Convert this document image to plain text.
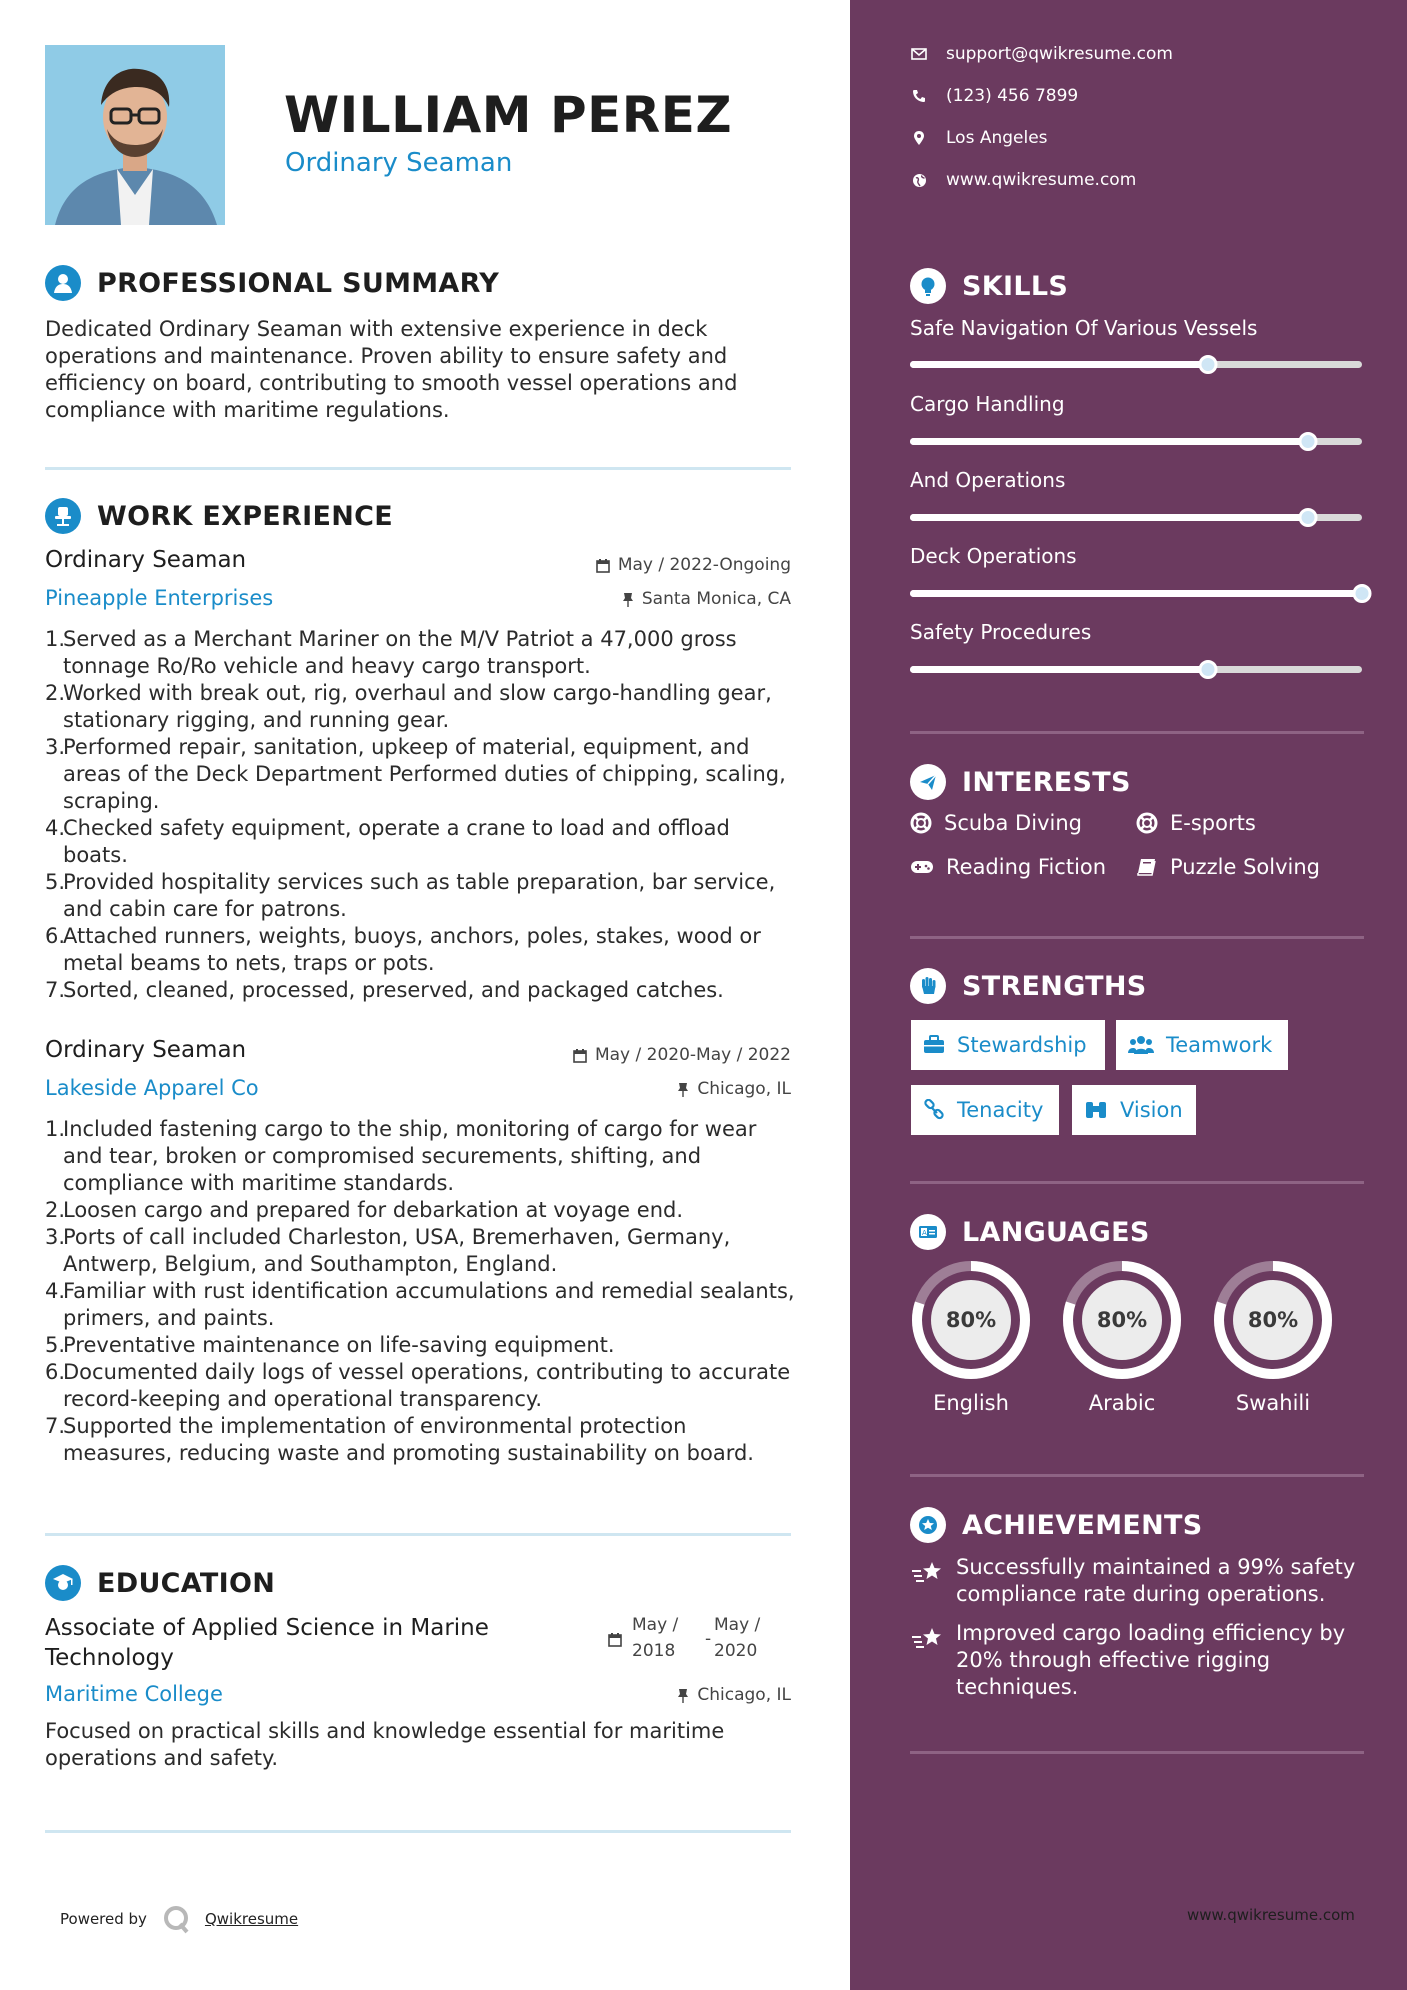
WILLIAM PEREZ
Ordinary Seaman
PROFESSIONAL SUMMARY
Dedicated Ordinary Seaman with extensive experience in deck operations and maintenance. Proven ability to ensure safety and efficiency on board, contributing to smooth vessel operations and compliance with maritime regulations.
WORK EXPERIENCE
Ordinary Seaman	May / 2022-Ongoing
Pineapple Enterprises	Santa Monica, CA
1.
Served as a Merchant Mariner on the M/V Patriot a 47,000 gross tonnage Ro/Ro vehicle and heavy cargo transport.
2.
Worked with break out, rig, overhaul and slow cargo-handling gear, stationary rigging, and running gear.
3.
Performed repair, sanitation, upkeep of material, equipment, and areas of the Deck Department Performed duties of chipping, scaling, scraping.
4.
Checked safety equipment, operate a crane to load and offload boats.
5.
Provided hospitality services such as table preparation, bar service, and cabin care for patrons.
6.
Attached runners, weights, buoys, anchors, poles, stakes, wood or metal beams to nets, traps or pots.
7.
Sorted, cleaned, processed, preserved, and packaged catches.
Ordinary Seaman	May / 2020-May / 2022
Lakeside Apparel Co	Chicago, IL
1.
Included fastening cargo to the ship, monitoring of cargo for wear and tear, broken or compromised securements, shifting, and compliance with maritime standards.
2.
Loosen cargo and prepared for debarkation at voyage end.
3.
Ports of call included Charleston, USA, Bremerhaven, Germany, Antwerp, Belgium, and Southampton, England.
4.
Familiar with rust identification accumulations and remedial sealants, primers, and paints.
5.
Preventative maintenance on life-saving equipment.
6.
Documented daily logs of vessel operations, contributing to accurate record-keeping and operational transparency.
7.
Supported the implementation of environmental protection measures, reducing waste and promoting sustainability on board.
EDUCATION
Associate of Applied Science in Marine
Technology
May /
2018
-
May /
2020
Maritime College	Chicago, IL
Focused on practical skills and knowledge essential for maritime operations and safety.
Powered by	Qwikresume
support@qwikresume.com
(123) 456 7899
Los Angeles
www.qwikresume.com
SKILLS
Safe Navigation Of Various Vessels
Cargo Handling
And Operations
Deck Operations
Safety Procedures
INTERESTS
Scuba Diving	E-sports
Reading Fiction	Puzzle Solving
STRENGTHS
Stewardship	Teamwork
Tenacity	Vision
A LANGUAGES
80%
English
80%
Arabic
80%
Swahili
ACHIEVEMENTS
Successfully maintained a 99% safety compliance rate during operations.
Improved cargo loading efficiency by 20% through effective rigging techniques.
www.qwikresume.com
